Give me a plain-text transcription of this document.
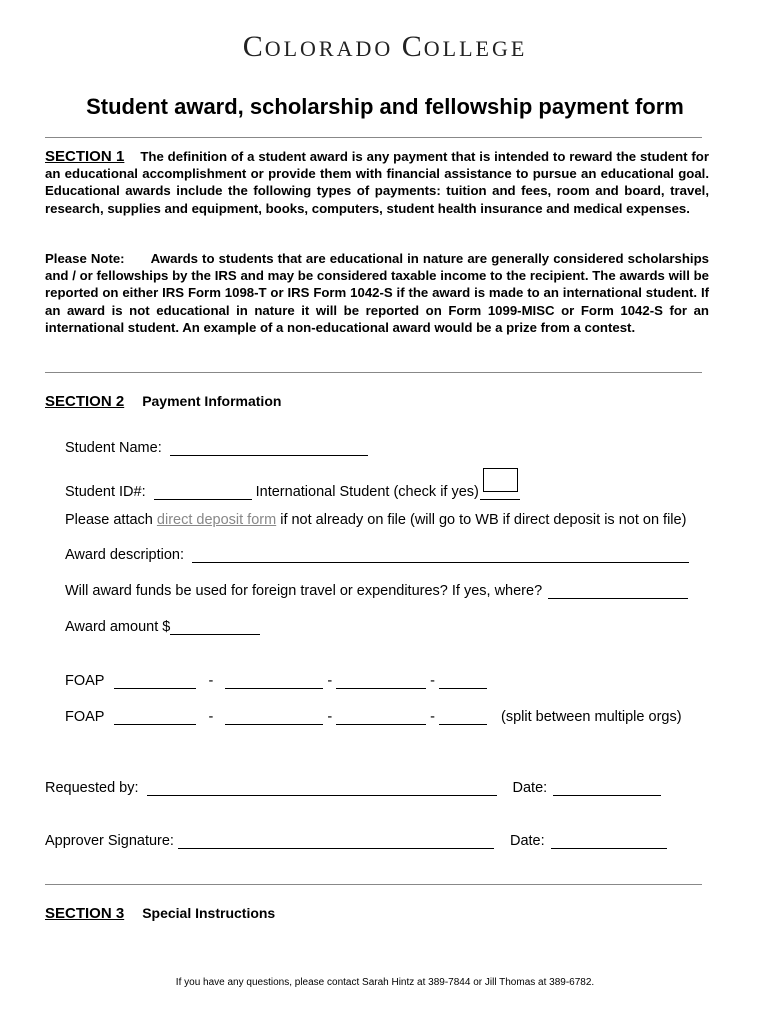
COLORADO COLLEGE
Student award, scholarship and fellowship payment form
SECTION 1 The definition of a student award is any payment that is intended to reward the student for an educational accomplishment or provide them with financial assistance to pursue an educational goal. Educational awards include the following types of payments: tuition and fees, room and board, travel, research, supplies and equipment, books, computers, student health insurance and medical expenses.
Please Note: Awards to students that are educational in nature are generally considered scholarships and / or fellowships by the IRS and may be considered taxable income to the recipient. The awards will be reported on either IRS Form 1098-T or IRS Form 1042-S if the award is made to an international student. If an award is not educational in nature it will be reported on Form 1099-MISC or Form 1042-S for an international student. An example of a non-educational award would be a prize from a contest.
SECTION 2 Payment Information
Student Name:
Student ID#:	International Student (check if yes)
Please attach
direct deposit form
if not already on file (will go to WB if direct deposit is not on file)
Award description:
Will award funds be used for foreign travel or expenditures? If yes, where?
Award amount $
FOAP	-	-	-
FOAP	-	-	-	(split between multiple orgs)
Requested by:	Date:
Approver Signature:	Date:
SECTION 3 Special Instructions
If you have any questions, please contact Sarah Hintz at 389-7844 or Jill Thomas at 389-6782.
